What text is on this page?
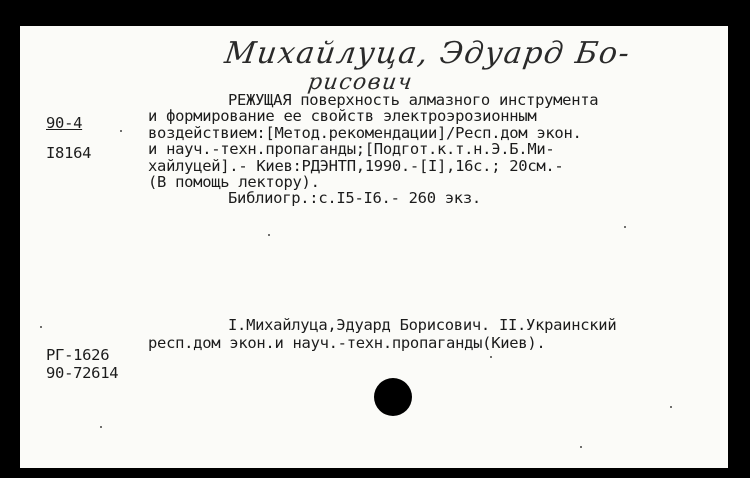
Михайлуца, Эдуард Бо-

рисович

90-4

I8164

РЕЖУЩАЯ поверхность алмазного инструмента
и формирование ее свойств электроэрозионным
воздействием:[Метод.рекомендации]/Респ.дом экон.
и науч.-техн.пропаганды;[Подгот.к.т.н.Э.Б.Ми-
хайлуцей].- Киев:РДЭНТП,1990.-[I],16с.; 20см.-
(В помощь лектору).
Библиогр.:с.I5-I6.- 260 экз.
I.Михайлуца,Эдуард Борисович. II.Украинский
респ.дом экон.и науч.-техн.пропаганды(Киев).

РГ-1626

90-72614
